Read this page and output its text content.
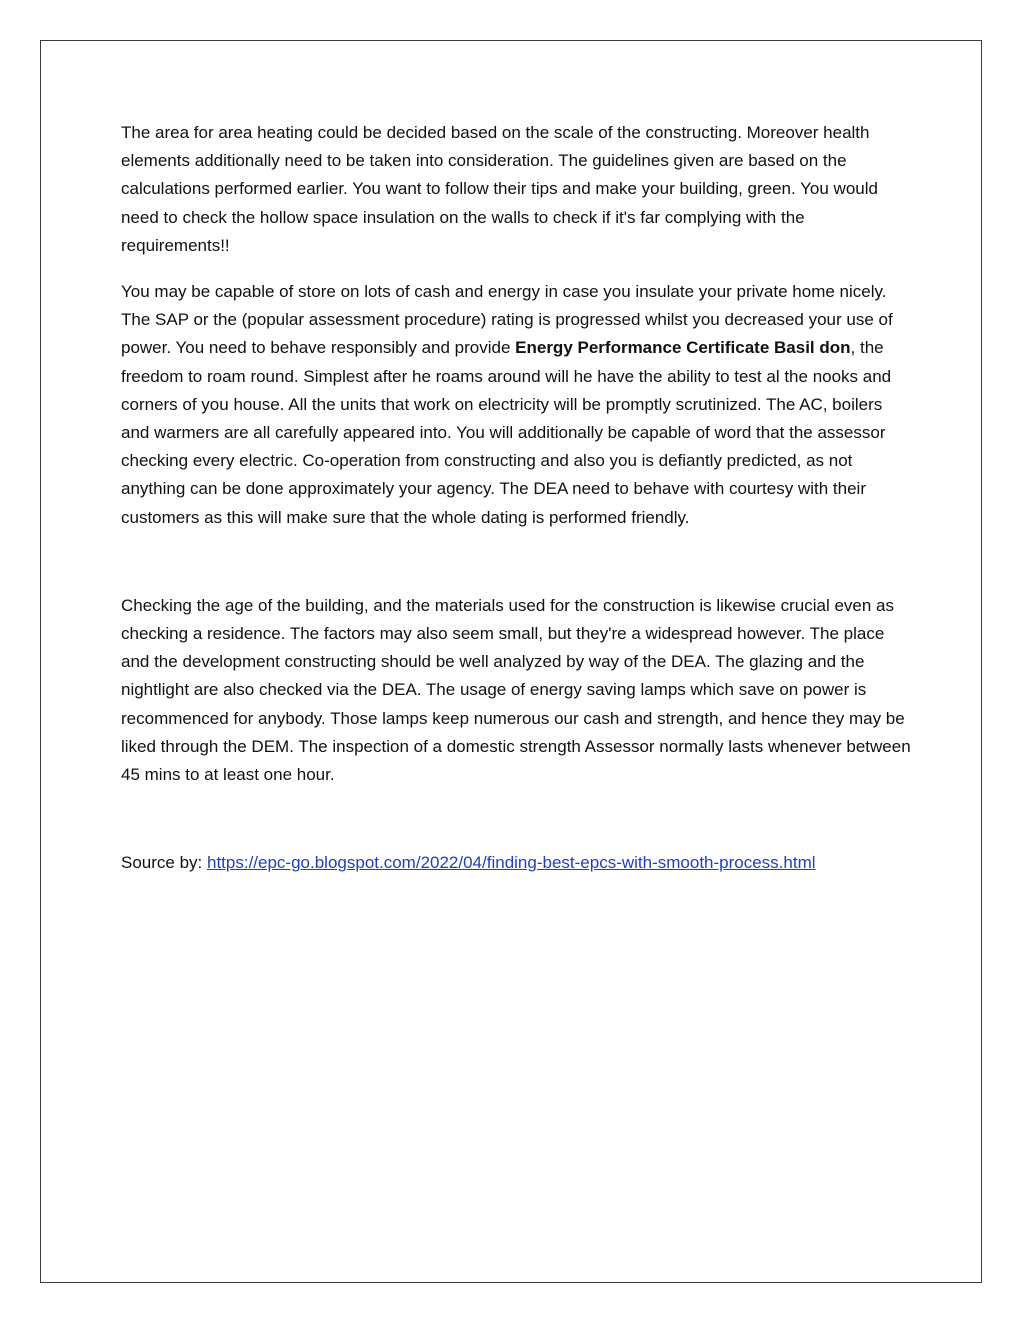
The area for area heating could be decided based on the scale of the constructing. Moreover health elements additionally need to be taken into consideration. The guidelines given are based on the calculations performed earlier. You want to follow their tips and make your building, green. You would need to check the hollow space insulation on the walls to check if it's far complying with the requirements!!

You may be capable of store on lots of cash and energy in case you insulate your private home nicely. The SAP or the (popular assessment procedure) rating is progressed whilst you decreased your use of power. You need to behave responsibly and provide Energy Performance Certificate Basil don, the freedom to roam round. Simplest after he roams around will he have the ability to test al the nooks and corners of you house. All the units that work on electricity will be promptly scrutinized. The AC, boilers and warmers are all carefully appeared into. You will additionally be capable of word that the assessor checking every electric. Co-operation from constructing and also you is defiantly predicted, as not anything can be done approximately your agency. The DEA need to behave with courtesy with their customers as this will make sure that the whole dating is performed friendly.

Checking the age of the building, and the materials used for the construction is likewise crucial even as checking a residence. The factors may also seem small, but they're a widespread however. The place and the development constructing should be well analyzed by way of the DEA. The glazing and the nightlight are also checked via the DEA. The usage of energy saving lamps which save on power is recommenced for anybody. Those lamps keep numerous our cash and strength, and hence they may be liked through the DEM. The inspection of a domestic strength Assessor normally lasts whenever between 45 mins to at least one hour.

Source by: https://epc-go.blogspot.com/2022/04/finding-best-epcs-with-smooth-process.html
